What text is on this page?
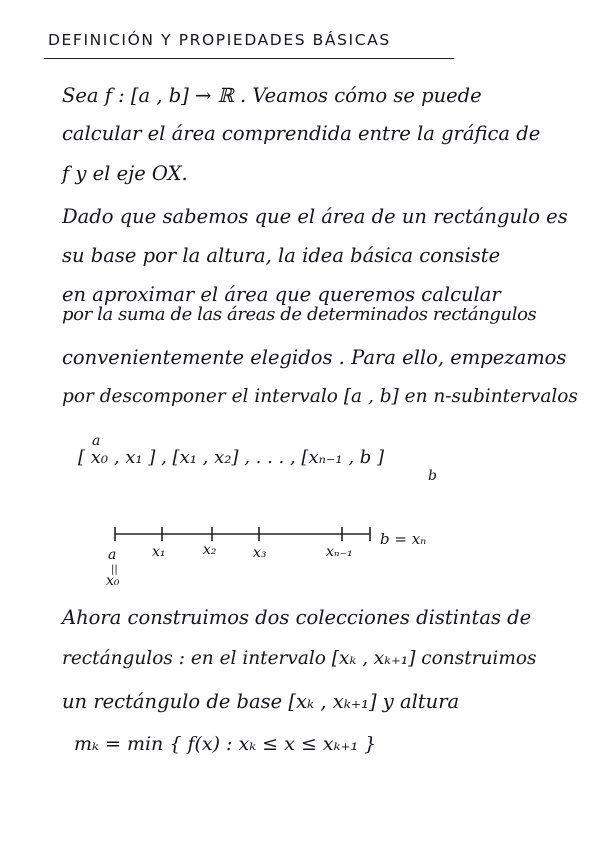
DEFINICIÓN Y PROPIEDADES BÁSICAS
Sea f : [a , b] → ℝ . Veamos cómo se puede
calcular el área comprendida entre la gráfica de
f y el eje OX.
Dado que sabemos que el área de un rectángulo es
su base por la altura, la idea básica consiste
en aproximar el área que queremos calcular
por la suma de las áreas de determinados rectángulos
convenientemente elegidos . Para ello, empezamos
por descomponer el intervalo [a , b] en n-subintervalos
a
[ x₀ , x₁ ] , [x₁ , x₂] , . . . , [xₙ₋₁ , b ]
b
a	x₁	x₂	x₃	xₙ₋₁
||
x₀
b = xₙ
Ahora construimos dos colecciones distintas de
rectángulos : en el intervalo [xₖ , xₖ₊₁] construimos
un rectángulo de base [xₖ , xₖ₊₁] y altura
mₖ = min { f(x) : xₖ ≤ x ≤ xₖ₊₁ }
